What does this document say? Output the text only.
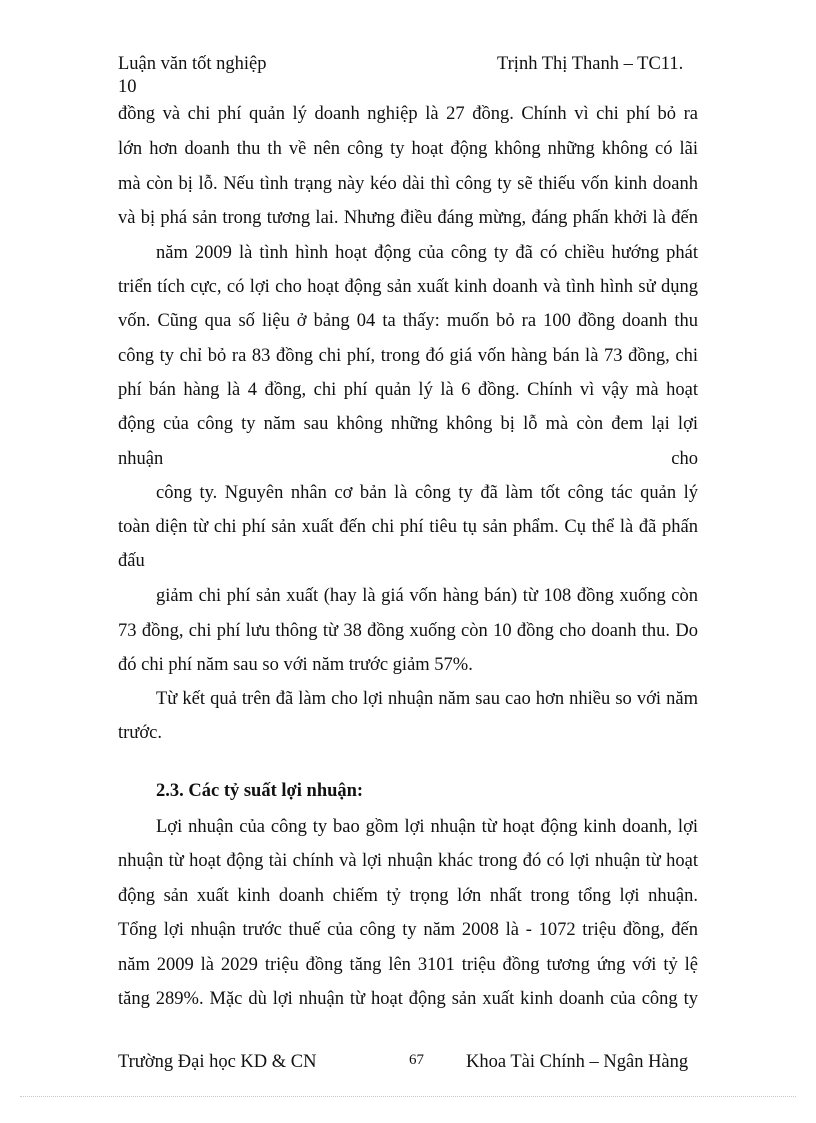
Luận văn tốt nghiệp	Trịnh Thị Thanh – TC11.
10
đồng và chi phí quản lý doanh nghiệp là 27 đồng. Chính vì chi phí bỏ ra
lớn hơn doanh thu th về nên công ty hoạt động không những không có lãi
mà còn bị lỗ. Nếu tình trạng này kéo dài thì công ty sẽ thiếu vốn kinh doanh
và bị phá sản trong tương lai. Nhưng điều đáng mừng, đáng phấn khởi là đến
năm 2009 là tình hình hoạt động của công ty đã có chiều hướng phát
triển tích cực, có lợi cho hoạt động sản xuất kinh doanh và tình hình sử dụng
vốn. Cũng qua số liệu ở bảng 04 ta thấy: muốn bỏ ra 100 đồng doanh thu
công ty chỉ bỏ ra 83 đồng chi phí, trong đó giá vốn hàng bán là 73 đồng, chi
phí bán hàng là 4 đồng, chi phí quản lý là 6 đồng. Chính vì vậy mà hoạt
động của công ty năm sau không những không bị lỗ mà còn đem lại lợi
nhuận	cho
công ty. Nguyên nhân cơ bản là công ty đã làm tốt công tác quản lý
toàn diện từ chi phí sản xuất đến chi phí tiêu tụ sản phẩm. Cụ thể là đã phấn
đấu
giảm chi phí sản xuất (hay là giá vốn hàng bán) từ 108 đồng xuống còn
73 đồng, chi phí lưu thông từ 38 đồng xuống còn 10 đồng cho doanh thu. Do
đó chi phí năm sau so với năm trước giảm 57%.
Từ kết quả trên đã làm cho lợi nhuận năm sau cao hơn nhiều so với năm
trước.
2.3. Các tỷ suất lợi nhuận:
Lợi nhuận của công ty bao gồm lợi nhuận từ hoạt động kinh doanh, lợi
nhuận từ hoạt động tài chính và lợi nhuận khác trong đó có lợi nhuận từ hoạt
động sản xuất kinh doanh chiếm tỷ trọng lớn nhất trong tổng lợi nhuận.
Tổng lợi nhuận trước thuế của công ty năm 2008 là - 1072 triệu đồng, đến
năm 2009 là 2029 triệu đồng tăng lên 3101 triệu đồng tương ứng với tỷ lệ
tăng 289%. Mặc dù lợi nhuận từ hoạt động sản xuất kinh doanh của công ty
Trường Đại học KD & CN	67 Khoa Tài Chính – Ngân Hàng
